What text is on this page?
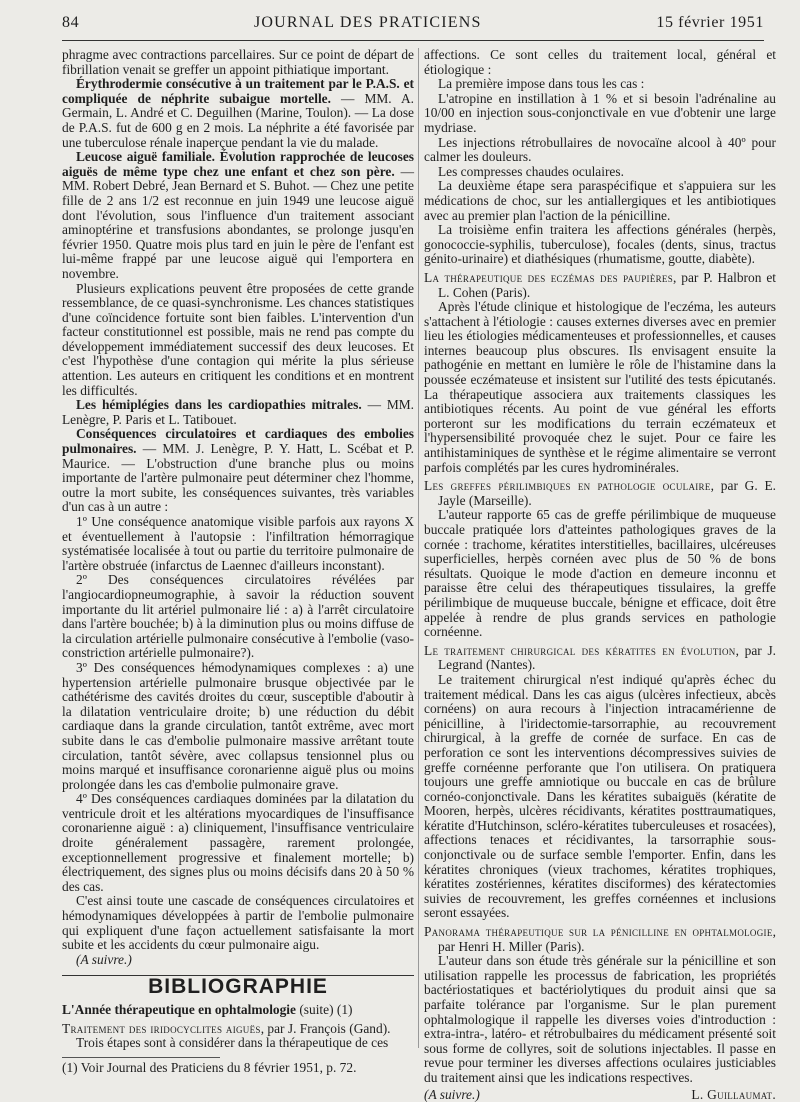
84	JOURNAL DES PRATICIENS	15 février 1951

phragme avec contractions parcellaires. Sur ce point de départ de fibrillation venait se greffer un appoint pithiatique important.

Érythrodermie consécutive à un traitement par le P.A.S. et compliquée de néphrite subaigue mortelle. — MM. A. Germain, L. André et C. Deguilhen (Marine, Toulon). — La dose de P.A.S. fut de 600 g en 2 mois. La néphrite a été favorisée par une tuberculose rénale inaperçue pendant la vie du malade.

Leucose aiguë familiale. Évolution rapprochée de leucoses aiguës de même type chez une enfant et chez son père. — MM. Robert Debré, Jean Bernard et S. Buhot. — Chez une petite fille de 2 ans 1/2 est reconnue en juin 1949 une leucose aiguë dont l'évolution, sous l'influence d'un traitement associant aminoptérine et transfusions abondantes, se prolonge jusqu'en février 1950. Quatre mois plus tard en juin le père de l'enfant est lui-même frappé par une leucose aiguë qui l'emportera en novembre.

Plusieurs explications peuvent être proposées de cette grande ressemblance, de ce quasi-synchronisme. Les chances statistiques d'une coïncidence fortuite sont bien faibles. L'intervention d'un facteur constitutionnel est possible, mais ne rend pas compte du développement immédiatement successif des deux leucoses. Et c'est l'hypothèse d'une contagion qui mérite la plus sérieuse attention. Les auteurs en critiquent les conditions et en montrent les difficultés.

Les hémiplégies dans les cardiopathies mitrales. — MM. Lenègre, P. Paris et L. Tatibouet.

Conséquences circulatoires et cardiaques des embolies pulmonaires. — MM. J. Lenègre, P. Y. Hatt, L. Scébat et P. Maurice. — L'obstruction d'une branche plus ou moins importante de l'artère pulmonaire peut déterminer chez l'homme, outre la mort subite, les conséquences suivantes, très variables d'un cas à un autre :

1º Une conséquence anatomique visible parfois aux rayons X et éventuellement à l'autopsie : l'infiltration hémorragique systématisée localisée à tout ou partie du territoire pulmonaire de l'artère obstruée (infarctus de Laennec d'ailleurs inconstant).

2º Des conséquences circulatoires révélées par l'angiocardiopneumographie, à savoir la réduction souvent importante du lit artériel pulmonaire lié : a) à l'arrêt circulatoire dans l'artère bouchée; b) à la diminution plus ou moins diffuse de la circulation artérielle pulmonaire consécutive à l'embolie (vaso-constriction artérielle pulmonaire?).

3º Des conséquences hémodynamiques complexes : a) une hypertension artérielle pulmonaire brusque objectivée par le cathétérisme des cavités droites du cœur, susceptible d'aboutir à la dilatation ventriculaire droite; b) une réduction du débit cardiaque dans la grande circulation, tantôt extrême, avec mort subite dans le cas d'embolie pulmonaire massive arrêtant toute circulation, tantôt sévère, avec collapsus tensionnel plus ou moins marqué et insuffisance coronarienne aiguë plus ou moins prolongée dans les cas d'embolie pulmonaire grave.

4º Des conséquences cardiaques dominées par la dilatation du ventricule droit et les altérations myocardiques de l'insuffisance coronarienne aiguë : a) cliniquement, l'insuffisance ventriculaire droite généralement passagère, rarement prolongée, exceptionnellement progressive et finalement mortelle; b) électriquement, des signes plus ou moins décisifs dans 20 à 50 % des cas.

C'est ainsi toute une cascade de conséquences circulatoires et hémodynamiques développées à partir de l'embolie pulmonaire qui expliquent d'une façon actuellement satisfaisante la mort subite et les accidents du cœur pulmonaire aigu.

(A suivre.)

BIBLIOGRAPHIE

L'Année thérapeutique en ophtalmologie (suite) (1)

Traitement des iridocyclites aiguës, par J. François (Gand).

Trois étapes sont à considérer dans la thérapeutique de ces

(1) Voir Journal des Praticiens du 8 février 1951, p. 72.

affections. Ce sont celles du traitement local, général et étiologique :

La première impose dans tous les cas :

L'atropine en instillation à 1 % et si besoin l'adrénaline au 10/00 en injection sous-conjonctivale en vue d'obtenir une large mydriase.

Les injections rétrobullaires de novocaïne alcool à 40º pour calmer les douleurs.

Les compresses chaudes oculaires.

La deuxième étape sera paraspécifique et s'appuiera sur les médications de choc, sur les antiallergiques et les antibiotiques avec au premier plan l'action de la pénicilline.

La troisième enfin traitera les affections générales (herpès, gonococcie-syphilis, tuberculose), focales (dents, sinus, tractus génito-urinaire) et diathésiques (rhumatisme, goutte, diabète).

La thérapeutique des eczémas des paupières, par P. Halbron et L. Cohen (Paris).

Après l'étude clinique et histologique de l'eczéma, les auteurs s'attachent à l'étiologie : causes externes diverses avec en premier lieu les étiologies médicamenteuses et professionnelles, et causes internes beaucoup plus obscures. Ils envisagent ensuite la pathogénie en mettant en lumière le rôle de l'histamine dans la poussée eczémateuse et insistent sur l'utilité des tests épicutanés. La thérapeutique associera aux traitements classiques les antibiotiques récents. Au point de vue général les efforts porteront sur les modifications du terrain eczémateux et l'hypersensibilité provoquée chez le sujet. Pour ce faire les antihistaminiques de synthèse et le régime alimentaire se verront parfois complétés par les cures hydrominérales.

Les greffes périlimbiques en pathologie oculaire, par G. E. Jayle (Marseille).

L'auteur rapporte 65 cas de greffe périlimbique de muqueuse buccale pratiquée lors d'atteintes pathologiques graves de la cornée : trachome, kératites interstitielles, bacillaires, ulcéreuses superficielles, herpès cornéen avec plus de 50 % de bons résultats. Quoique le mode d'action en demeure inconnu et paraisse être celui des thérapeutiques tissulaires, la greffe périlimbique de muqueuse buccale, bénigne et efficace, doit être appelée à rendre de plus grands services en pathologie cornéenne.

Le traitement chirurgical des kératites en évolution, par J. Legrand (Nantes).

Le traitement chirurgical n'est indiqué qu'après échec du traitement médical. Dans les cas aigus (ulcères infectieux, abcès cornéens) on aura recours à l'injection intracamérienne de pénicilline, à l'iridectomie-tarsorraphie, au recouvrement chirurgical, à la greffe de cornée de surface. En cas de perforation ce sont les interventions décompressives suivies de greffe cornéenne perforante que l'on utilisera. On pratiquera toujours une greffe amniotique ou buccale en cas de brûlure cornéo-conjonctivale. Dans les kératites subaiguës (kératite de Mooren, herpès, ulcères récidivants, kératites posttraumatiques, kératite d'Hutchinson, scléro-kératites tuberculeuses et rosacées), affections tenaces et récidivantes, la tarsorraphie sous-conjonctivale ou de surface semble l'emporter. Enfin, dans les kératites chroniques (vieux trachomes, kératites trophiques, kératites zostériennes, kératites disciformes) des kératectomies suivies de recouvrement, les greffes cornéennes et inclusions seront essayées.

Panorama thérapeutique sur la pénicilline en ophtalmologie, par Henri H. Miller (Paris).

L'auteur dans son étude très générale sur la pénicilline et son utilisation rappelle les processus de fabrication, les propriétés bactériostatiques et bactériolytiques du produit ainsi que sa parfaite tolérance par l'organisme. Sur le plan purement ophtalmologique il rappelle les diverses voies d'introduction : extra-intra-, latéro- et rétrobulbaires du médicament présenté soit sous forme de collyres, soit de solutions injectables. Il passe en revue pour terminer les diverses affections oculaires justiciables du traitement ainsi que les indications respectives.

(A suivre.)	L. Guillaumat.
